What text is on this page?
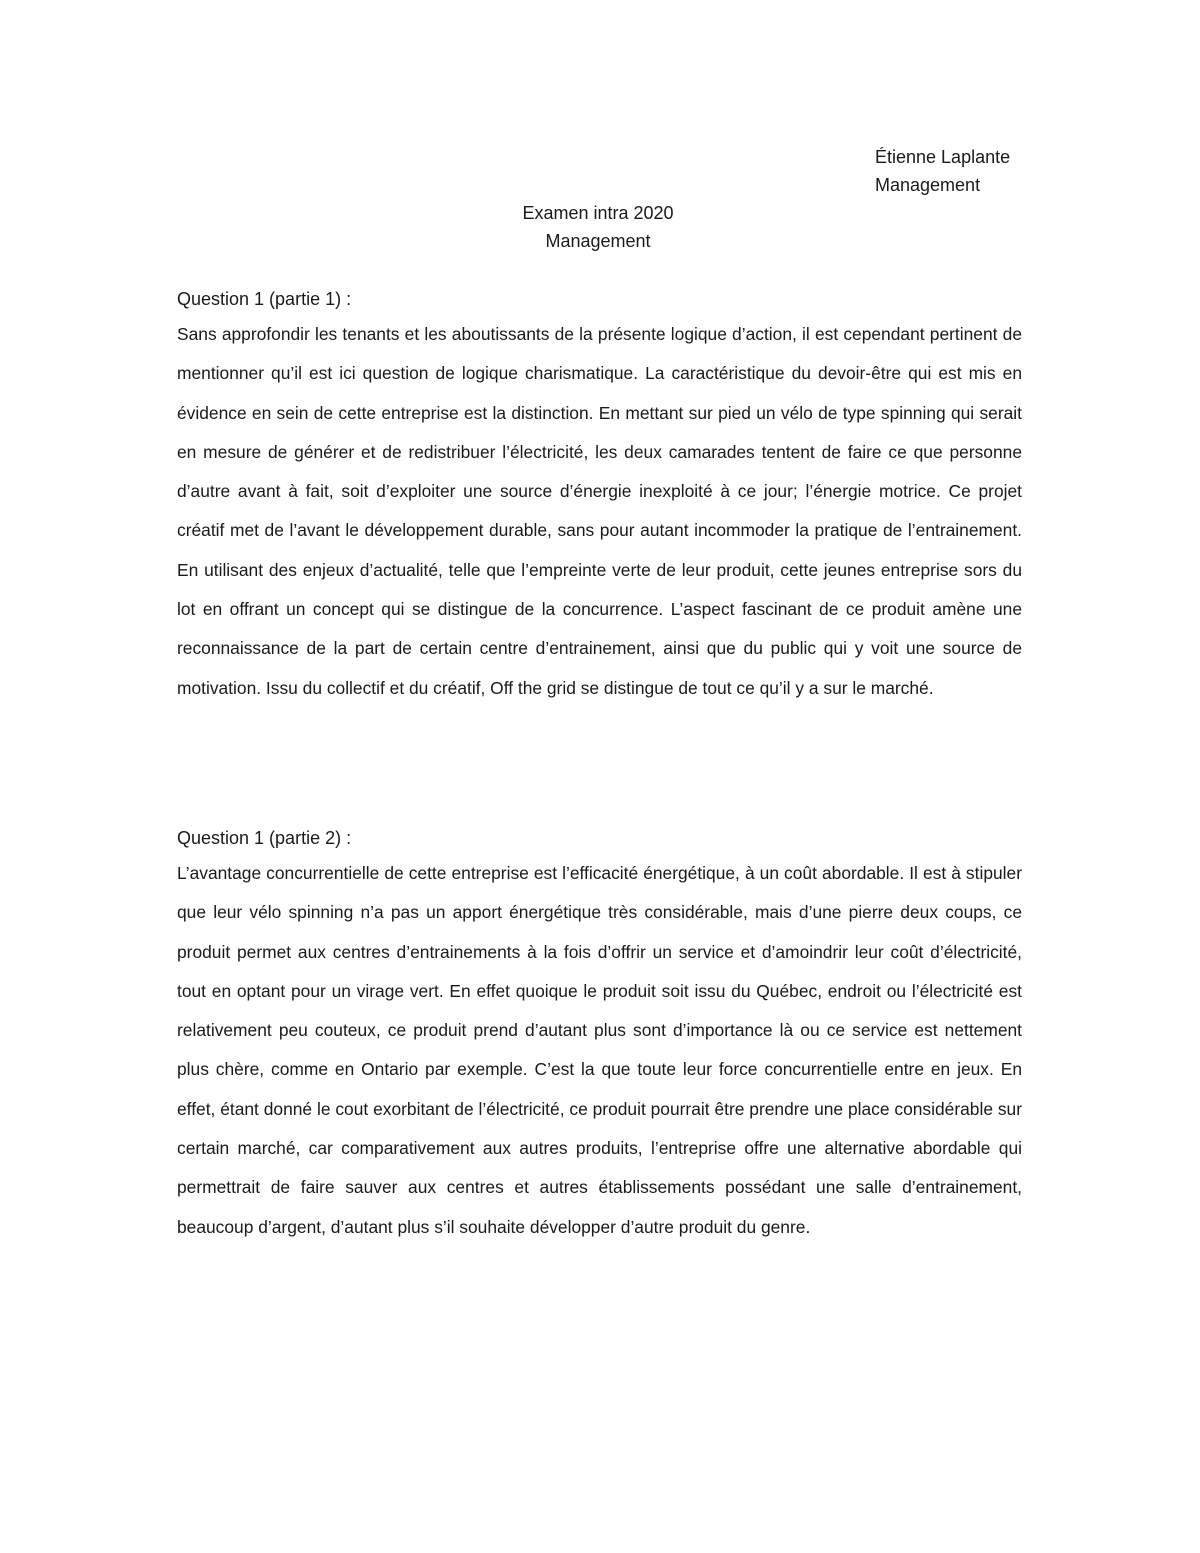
Étienne Laplante
Management
Examen intra 2020
Management
Question 1 (partie 1) :

Sans approfondir les tenants et les aboutissants de la présente logique d’action, il est cependant pertinent de mentionner qu’il est ici question de logique charismatique. La caractéristique du devoir-être qui est mis en évidence en sein de cette entreprise est la distinction. En mettant sur pied un vélo de type spinning qui serait en mesure de générer et de redistribuer l’électricité, les deux camarades tentent de faire ce que personne d’autre avant à fait, soit d’exploiter une source d’énergie inexploité à ce jour; l’énergie motrice. Ce projet créatif met de l’avant le développement durable, sans pour autant incommoder la pratique de l’entrainement. En utilisant des enjeux d’actualité, telle que l’empreinte verte de leur produit, cette jeunes entreprise sors du lot en offrant un concept qui se distingue de la concurrence. L’aspect fascinant de ce produit amène une reconnaissance de la part de certain centre d’entrainement, ainsi que du public qui y voit une source de motivation. Issu du collectif et du créatif, Off the grid se distingue de tout ce qu’il y a sur le marché.

Question 1 (partie 2) :

L’avantage concurrentielle de cette entreprise est l’efficacité énergétique, à un coût abordable. Il est à stipuler que leur vélo spinning n’a pas un apport énergétique très considérable, mais d’une pierre deux coups, ce produit permet aux centres d’entrainements à la fois d’offrir un service et d’amoindrir leur coût d’électricité, tout en optant pour un virage vert. En effet quoique le produit soit issu du Québec, endroit ou l’électricité est relativement peu couteux, ce produit prend d’autant plus sont d’importance là ou ce service est nettement plus chère, comme en Ontario par exemple. C’est la que toute leur force concurrentielle entre en jeux. En effet, étant donné le cout exorbitant de l’électricité, ce produit pourrait être prendre une place considérable sur certain marché, car comparativement aux autres produits, l’entreprise offre une alternative abordable qui permettrait de faire sauver aux centres et autres établissements possédant une salle d’entrainement, beaucoup d’argent, d’autant plus s’il souhaite développer d’autre produit du genre.
